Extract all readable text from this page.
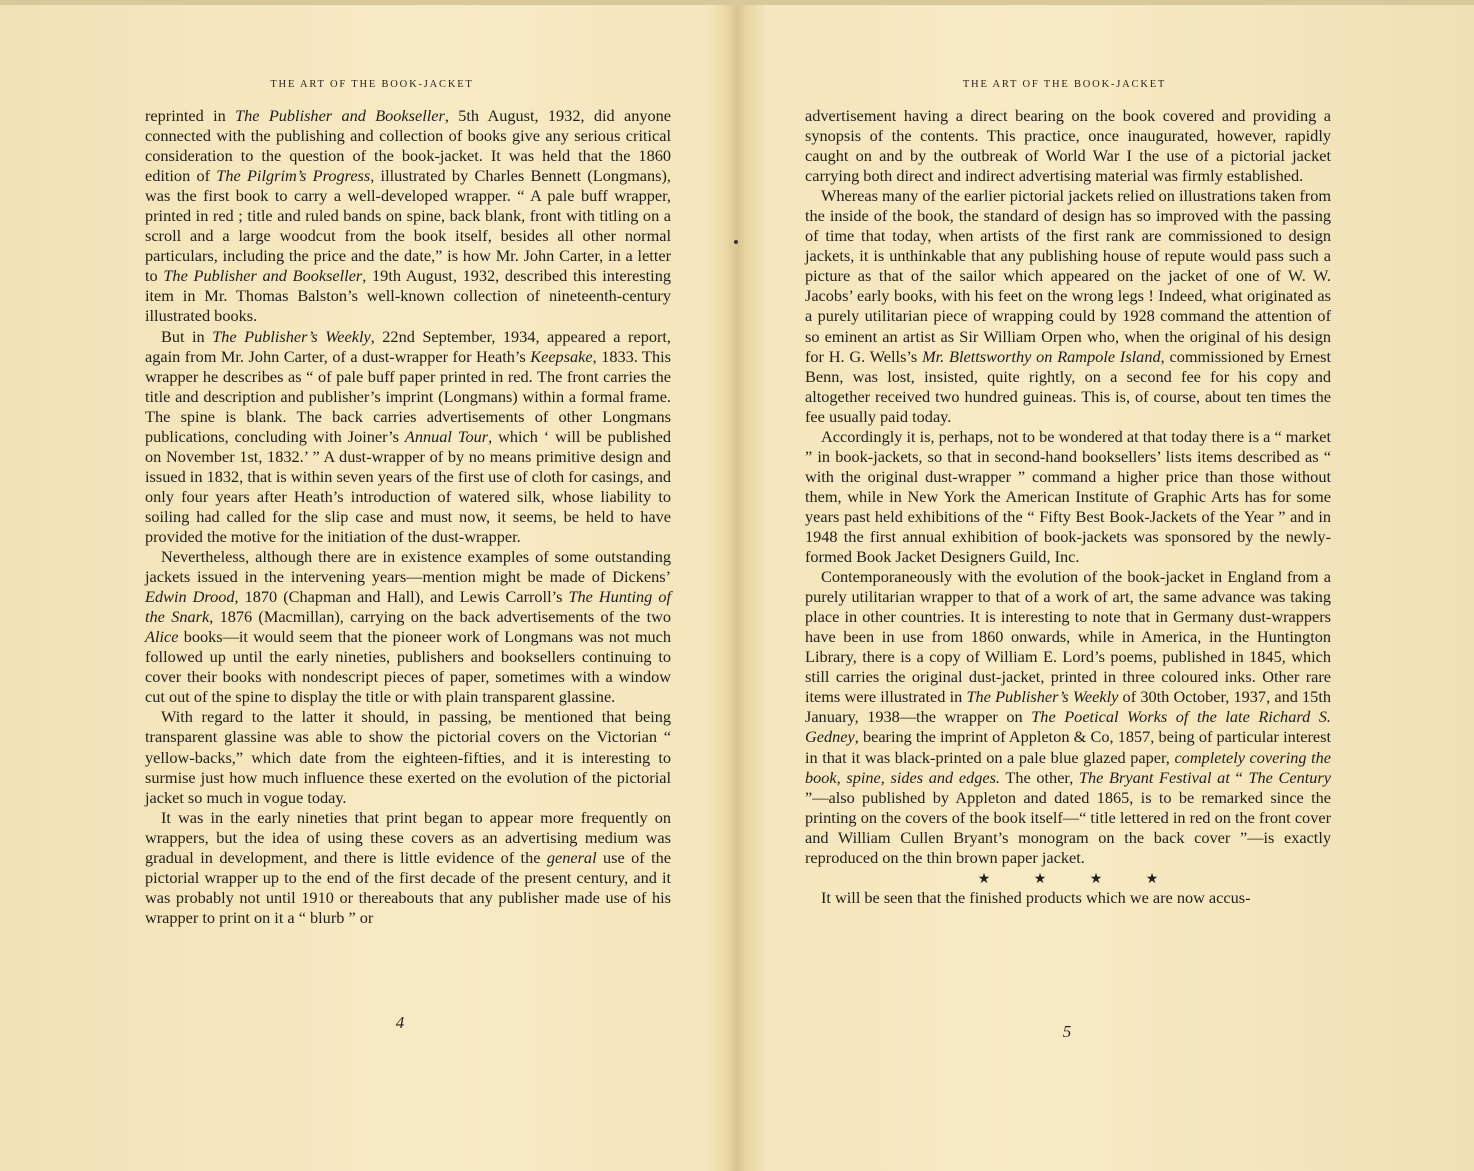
THE ART OF THE BOOK-JACKET

reprinted in The Publisher and Bookseller, 5th August, 1932, did anyone connected with the publishing and collection of books give any serious critical consideration to the question of the book-jacket. It was held that the 1860 edition of The Pilgrim’s Progress, illustrated by Charles Bennett (Longmans), was the first book to carry a well-developed wrapper. “ A pale buff wrapper, printed in red ; title and ruled bands on spine, back blank, front with titling on a scroll and a large woodcut from the book itself, besides all other normal particulars, including the price and the date,” is how Mr. John Carter, in a letter to The Publisher and Bookseller, 19th August, 1932, described this interesting item in Mr. Thomas Balston’s well-known collection of nineteenth-century illustrated books.

But in The Publisher’s Weekly, 22nd September, 1934, appeared a report, again from Mr. John Carter, of a dust-wrapper for Heath’s Keepsake, 1833. This wrapper he describes as “ of pale buff paper printed in red. The front carries the title and description and publisher’s imprint (Longmans) within a formal frame. The spine is blank. The back carries advertisements of other Longmans publications, concluding with Joiner’s Annual Tour, which ‘ will be published on November 1st, 1832.’ ” A dust-wrapper of by no means primitive design and issued in 1832, that is within seven years of the first use of cloth for casings, and only four years after Heath’s introduction of watered silk, whose liability to soiling had called for the slip case and must now, it seems, be held to have provided the motive for the initiation of the dust-wrapper.

Nevertheless, although there are in existence examples of some outstanding jackets issued in the intervening years—mention might be made of Dickens’ Edwin Drood, 1870 (Chapman and Hall), and Lewis Carroll’s The Hunting of the Snark, 1876 (Macmillan), carrying on the back advertisements of the two Alice books—it would seem that the pioneer work of Longmans was not much followed up until the early nineties, publishers and booksellers continuing to cover their books with nondescript pieces of paper, sometimes with a window cut out of the spine to display the title or with plain transparent glassine.

With regard to the latter it should, in passing, be mentioned that being transparent glassine was able to show the pictorial covers on the Victorian “ yellow-backs,” which date from the eighteen-fifties, and it is interesting to surmise just how much influence these exerted on the evolution of the pictorial jacket so much in vogue today.

It was in the early nineties that print began to appear more frequently on wrappers, but the idea of using these covers as an advertising medium was gradual in development, and there is little evidence of the general use of the pictorial wrapper up to the end of the first decade of the present century, and it was probably not until 1910 or thereabouts that any publisher made use of his wrapper to print on it a “ blurb ” or

4
THE ART OF THE BOOK-JACKET

advertisement having a direct bearing on the book covered and providing a synopsis of the contents. This practice, once inaugurated, however, rapidly caught on and by the outbreak of World War I the use of a pictorial jacket carrying both direct and indirect advertising material was firmly established.

Whereas many of the earlier pictorial jackets relied on illustrations taken from the inside of the book, the standard of design has so improved with the passing of time that today, when artists of the first rank are commissioned to design jackets, it is unthinkable that any publishing house of repute would pass such a picture as that of the sailor which appeared on the jacket of one of W. W. Jacobs’ early books, with his feet on the wrong legs ! Indeed, what originated as a purely utilitarian piece of wrapping could by 1928 command the attention of so eminent an artist as Sir William Orpen who, when the original of his design for H. G. Wells’s Mr. Blettsworthy on Rampole Island, commissioned by Ernest Benn, was lost, insisted, quite rightly, on a second fee for his copy and altogether received two hundred guineas. This is, of course, about ten times the fee usually paid today.

Accordingly it is, perhaps, not to be wondered at that today there is a “ market ” in book-jackets, so that in second-hand booksellers’ lists items described as “ with the original dust-wrapper ” command a higher price than those without them, while in New York the American Institute of Graphic Arts has for some years past held exhibitions of the “ Fifty Best Book-Jackets of the Year ” and in 1948 the first annual exhibition of book-jackets was sponsored by the newly-formed Book Jacket Designers Guild, Inc.

Contemporaneously with the evolution of the book-jacket in England from a purely utilitarian wrapper to that of a work of art, the same advance was taking place in other countries. It is interesting to note that in Germany dust-wrappers have been in use from 1860 onwards, while in America, in the Huntington Library, there is a copy of William E. Lord’s poems, published in 1845, which still carries the original dust-jacket, printed in three coloured inks. Other rare items were illustrated in The Publisher’s Weekly of 30th October, 1937, and 15th January, 1938—the wrapper on The Poetical Works of the late Richard S. Gedney, bearing the imprint of Appleton & Co, 1857, being of particular interest in that it was black-printed on a pale blue glazed paper, completely covering the book, spine, sides and edges. The other, The Bryant Festival at “ The Century ”—also published by Appleton and dated 1865, is to be remarked since the printing on the covers of the book itself—“ title lettered in red on the front cover and William Cullen Bryant’s monogram on the back cover ”—is exactly reproduced on the thin brown paper jacket.

★	★	★	★

It will be seen that the finished products which we are now accus-

5
